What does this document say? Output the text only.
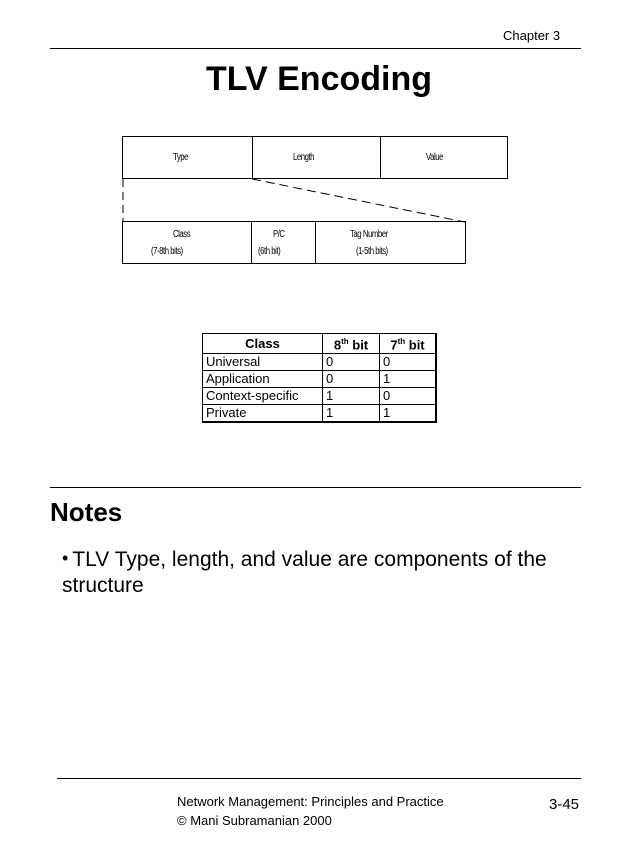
Chapter 3
TLV Encoding
Type	Length	Value
Class
(7-8th bits)
P/C
(6th bit)
Tag Number
(1-5th bits)
Class	8th bit	7th bit
Universal	0	0
Application	0	1
Context-specific	1	0
Private	1	1
Notes
• TLV Type, length, and value are components of the structure
Network Management: Principles and Practice
© Mani Subramanian 2000
3-45
